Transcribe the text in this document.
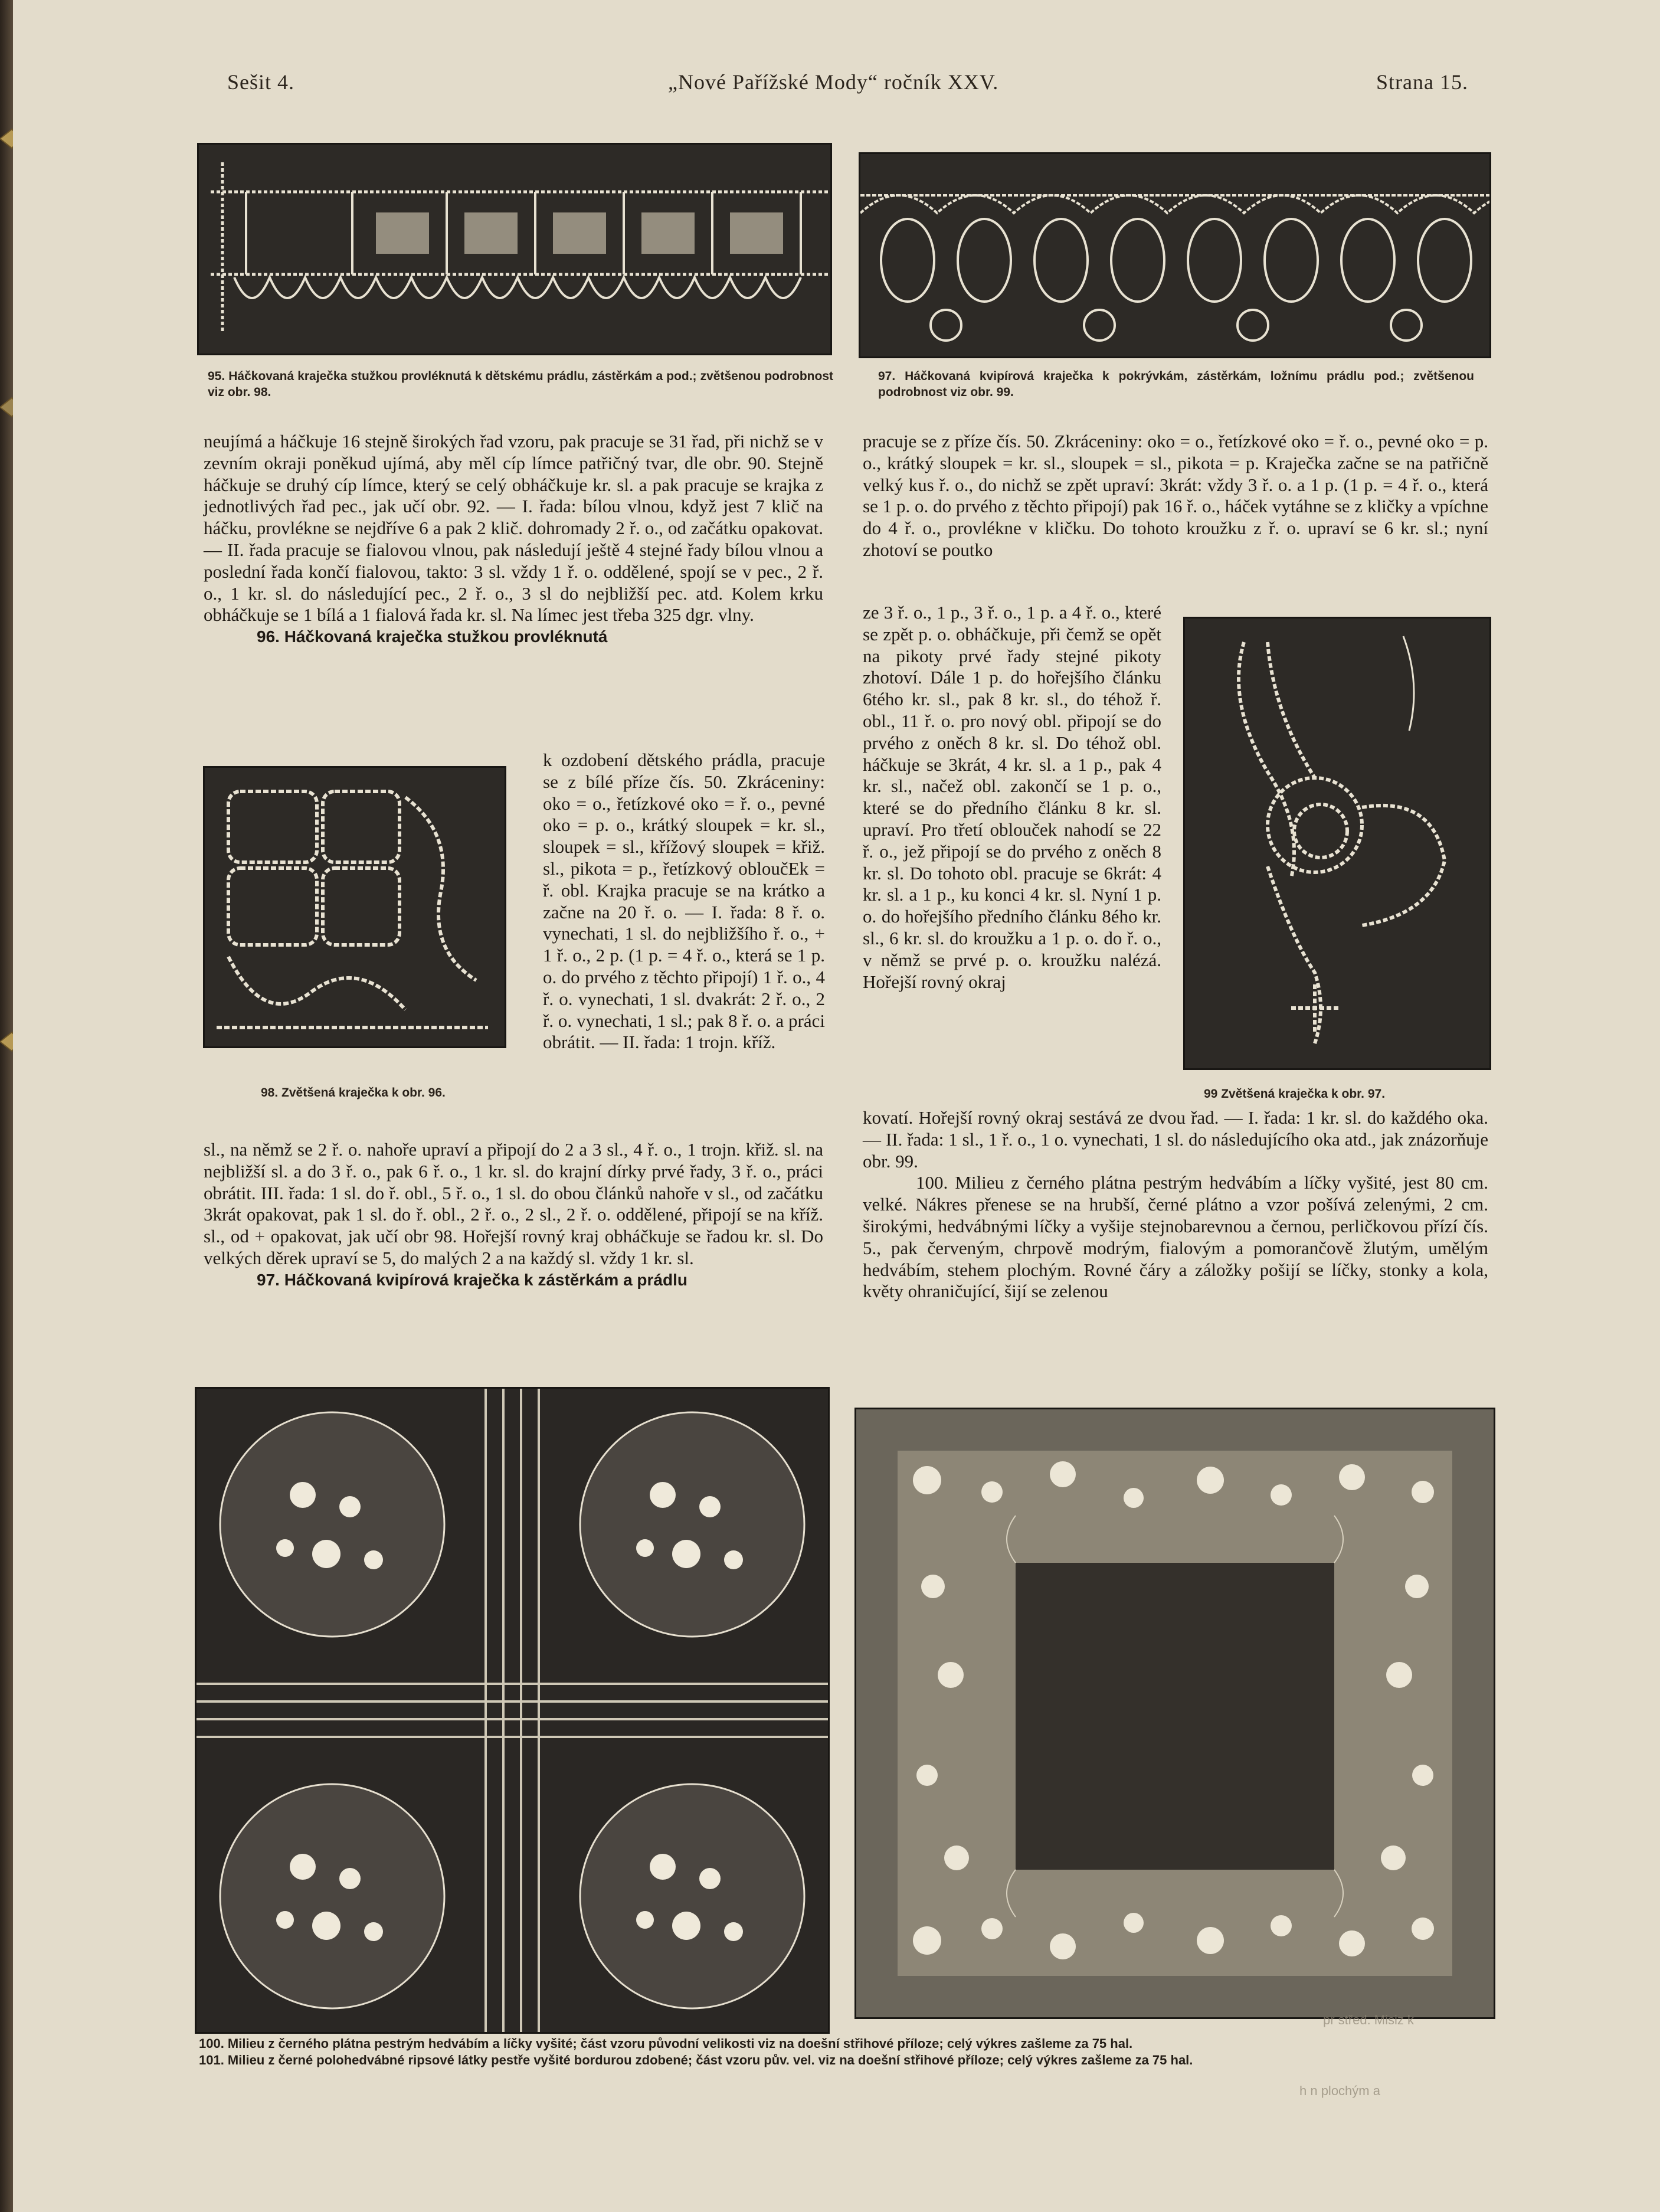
Sešit 4.	„Nové Pařížské Mody“ ročník XXV.	Strana 15.
95. Háčkovaná kraječka stužkou provléknutá k dětskému prádlu, zástěrkám a pod.; zvětšenou podrobnost viz obr. 98.
97. Háčkovaná kvipírová kraječka k pokrývkám, zástěrkám, ložnímu prádlu pod.; zvětšenou podrobnost viz obr. 99.

neujímá a háčkuje 16 stejně širokých řad vzoru, pak pracuje se 31 řad, při nichž se v zevním okraji poněkud ujímá, aby měl cíp límce patřičný tvar, dle obr. 90. Stejně háčkuje se druhý cíp límce, který se celý obháčkuje kr. sl. a pak pracuje se krajka z jednotlivých řad pec., jak učí obr. 92. — I. řada: bílou vlnou, když jest 7 klič na háčku, provlékne se nejdříve 6 a pak 2 klič. dohromady 2 ř. o., od začátku opakovat. — II. řada pracuje se fialovou vlnou, pak následují ještě 4 stejné řady bílou vlnou a poslední řada končí fialovou, takto: 3 sl. vždy 1 ř. o. oddělené, spojí se v pec., 2 ř. o., 1 kr. sl. do následující pec., 2 ř. o., 3 sl do nejbližší pec. atd. Kolem krku obháčkuje se 1 bílá a 1 fialová řada kr. sl. Na límec jest třeba 325 dgr. vlny.

96. Háčkovaná kraječka stužkou provléknutá

98. Zvětšená kraječka k obr. 96.

k ozdobení dětského prádla, pracuje se z bílé příze čís. 50. Zkráceniny: oko = o., řetízkové oko = ř. o., pevné oko = p. o., krátký sloupek = kr. sl., sloupek = sl., křížový sloupek = křiž. sl., pikota = p., řetízkový obloučEk = ř. obl. Krajka pracuje se na krátko a začne na 20 ř. o. — I. řada: 8 ř. o. vynechati, 1 sl. do nejbližšího ř. o., + 1 ř. o., 2 p. (1 p. = 4 ř. o., která se 1 p. o. do prvého z těchto připojí) 1 ř. o., 4 ř. o. vynechati, 1 sl. dvakrát: 2 ř. o., 2 ř. o. vynechati, 1 sl.; pak 8 ř. o. a práci obrátit. — II. řada: 1 trojn. kříž.

sl., na němž se 2 ř. o. nahoře upraví a připojí do 2 a 3 sl., 4 ř. o., 1 trojn. křiž. sl. na nejbližší sl. a do 3 ř. o., pak 6 ř. o., 1 kr. sl. do krajní dírky prvé řady, 3 ř. o., práci obrátit. III. řada: 1 sl. do ř. obl., 5 ř. o., 1 sl. do obou článků nahoře v sl., od začátku 3krát opakovat, pak 1 sl. do ř. obl., 2 ř. o., 2 sl., 2 ř. o. oddělené, připojí se na kříž. sl., od + opakovat, jak učí obr 98. Hořejší rovný kraj obháčkuje se řadou kr. sl. Do velkých děrek upraví se 5, do malých 2 a na každý sl. vždy 1 kr. sl.

97. Háčkovaná kvipírová kraječka k zástěrkám a prádlu

pracuje se z příze čís. 50. Zkráceniny: oko = o., řetízkové oko = ř. o., pevné oko = p. o., krátký sloupek = kr. sl., sloupek = sl., pikota = p. Kraječka začne se na patřičně velký kus ř. o., do nichž se zpět upraví: 3krát: vždy 3 ř. o. a 1 p. (1 p. = 4 ř. o., která se 1 p. o. do prvého z těchto připojí) pak 16 ř. o., háček vytáhne se z kličky a vpíchne do 4 ř. o., provlékne v kličku. Do tohoto kroužku z ř. o. upraví se 6 kr. sl.; nyní zhotoví se poutko

ze 3 ř. o., 1 p., 3 ř. o., 1 p. a 4 ř. o., které se zpět p. o. obháčkuje, při čemž se opět na pikoty prvé řady stejné pikoty zhotoví. Dále 1 p. do hořejšího článku 6tého kr. sl., pak 8 kr. sl., do téhož ř. obl., 11 ř. o. pro nový obl. připojí se do prvého z oněch 8 kr. sl. Do téhož obl. háčkuje se 3krát, 4 kr. sl. a 1 p., pak 4 kr. sl., načež obl. zakončí se 1 p. o., které se do předního článku 8 kr. sl. upraví. Pro třetí oblouček nahodí se 22 ř. o., jež připojí se do prvého z oněch 8 kr. sl. Do tohoto obl. pracuje se 6krát: 4 kr. sl. a 1 p., ku konci 4 kr. sl. Nyní 1 p. o. do hořejšího předního článku 8ého kr. sl., 6 kr. sl. do kroužku a 1 p. o. do ř. o., v němž se prvé p. o. kroužku nalézá. Hořejší rovný okraj

99 Zvětšená kraječka k obr. 97.

kovatí. Hořejší rovný okraj sestává ze dvou řad. — I. řada: 1 kr. sl. do každého oka. — II. řada: 1 sl., 1 ř. o., 1 o. vynechati, 1 sl. do následujícího oka atd., jak znázorňuje obr. 99.

100. Milieu z černého plátna pestrým hedvábím a líčky vyšité, jest 80 cm. velké. Nákres přenese se na hrubší, černé plátno a vzor pošívá zelenými, 2 cm. širokými, hedvábnými líčky a vyšije stejnobarevnou a černou, perličkovou přízí čís. 5., pak červeným, chrpově modrým, fialovým a pomorančově žlutým, umělým hedvábím, stehem plochým. Rovné čáry a záložky pošijí se líčky, stonky a kola, květy ohraničující, šijí se zelenou

pr střed. Misiz k
100. Milieu z černého plátna pestrým hedvábím a líčky vyšité; část vzoru původní velikosti viz na doešní střihové příloze; celý výkres zašleme za 75 hal.
101. Milieu z černé polohedvábné ripsové látky pestře vyšité bordurou zdobené; část vzoru pův. vel. viz na doešní střihové příloze; celý výkres zašleme za 75 hal.
h n plochým a
